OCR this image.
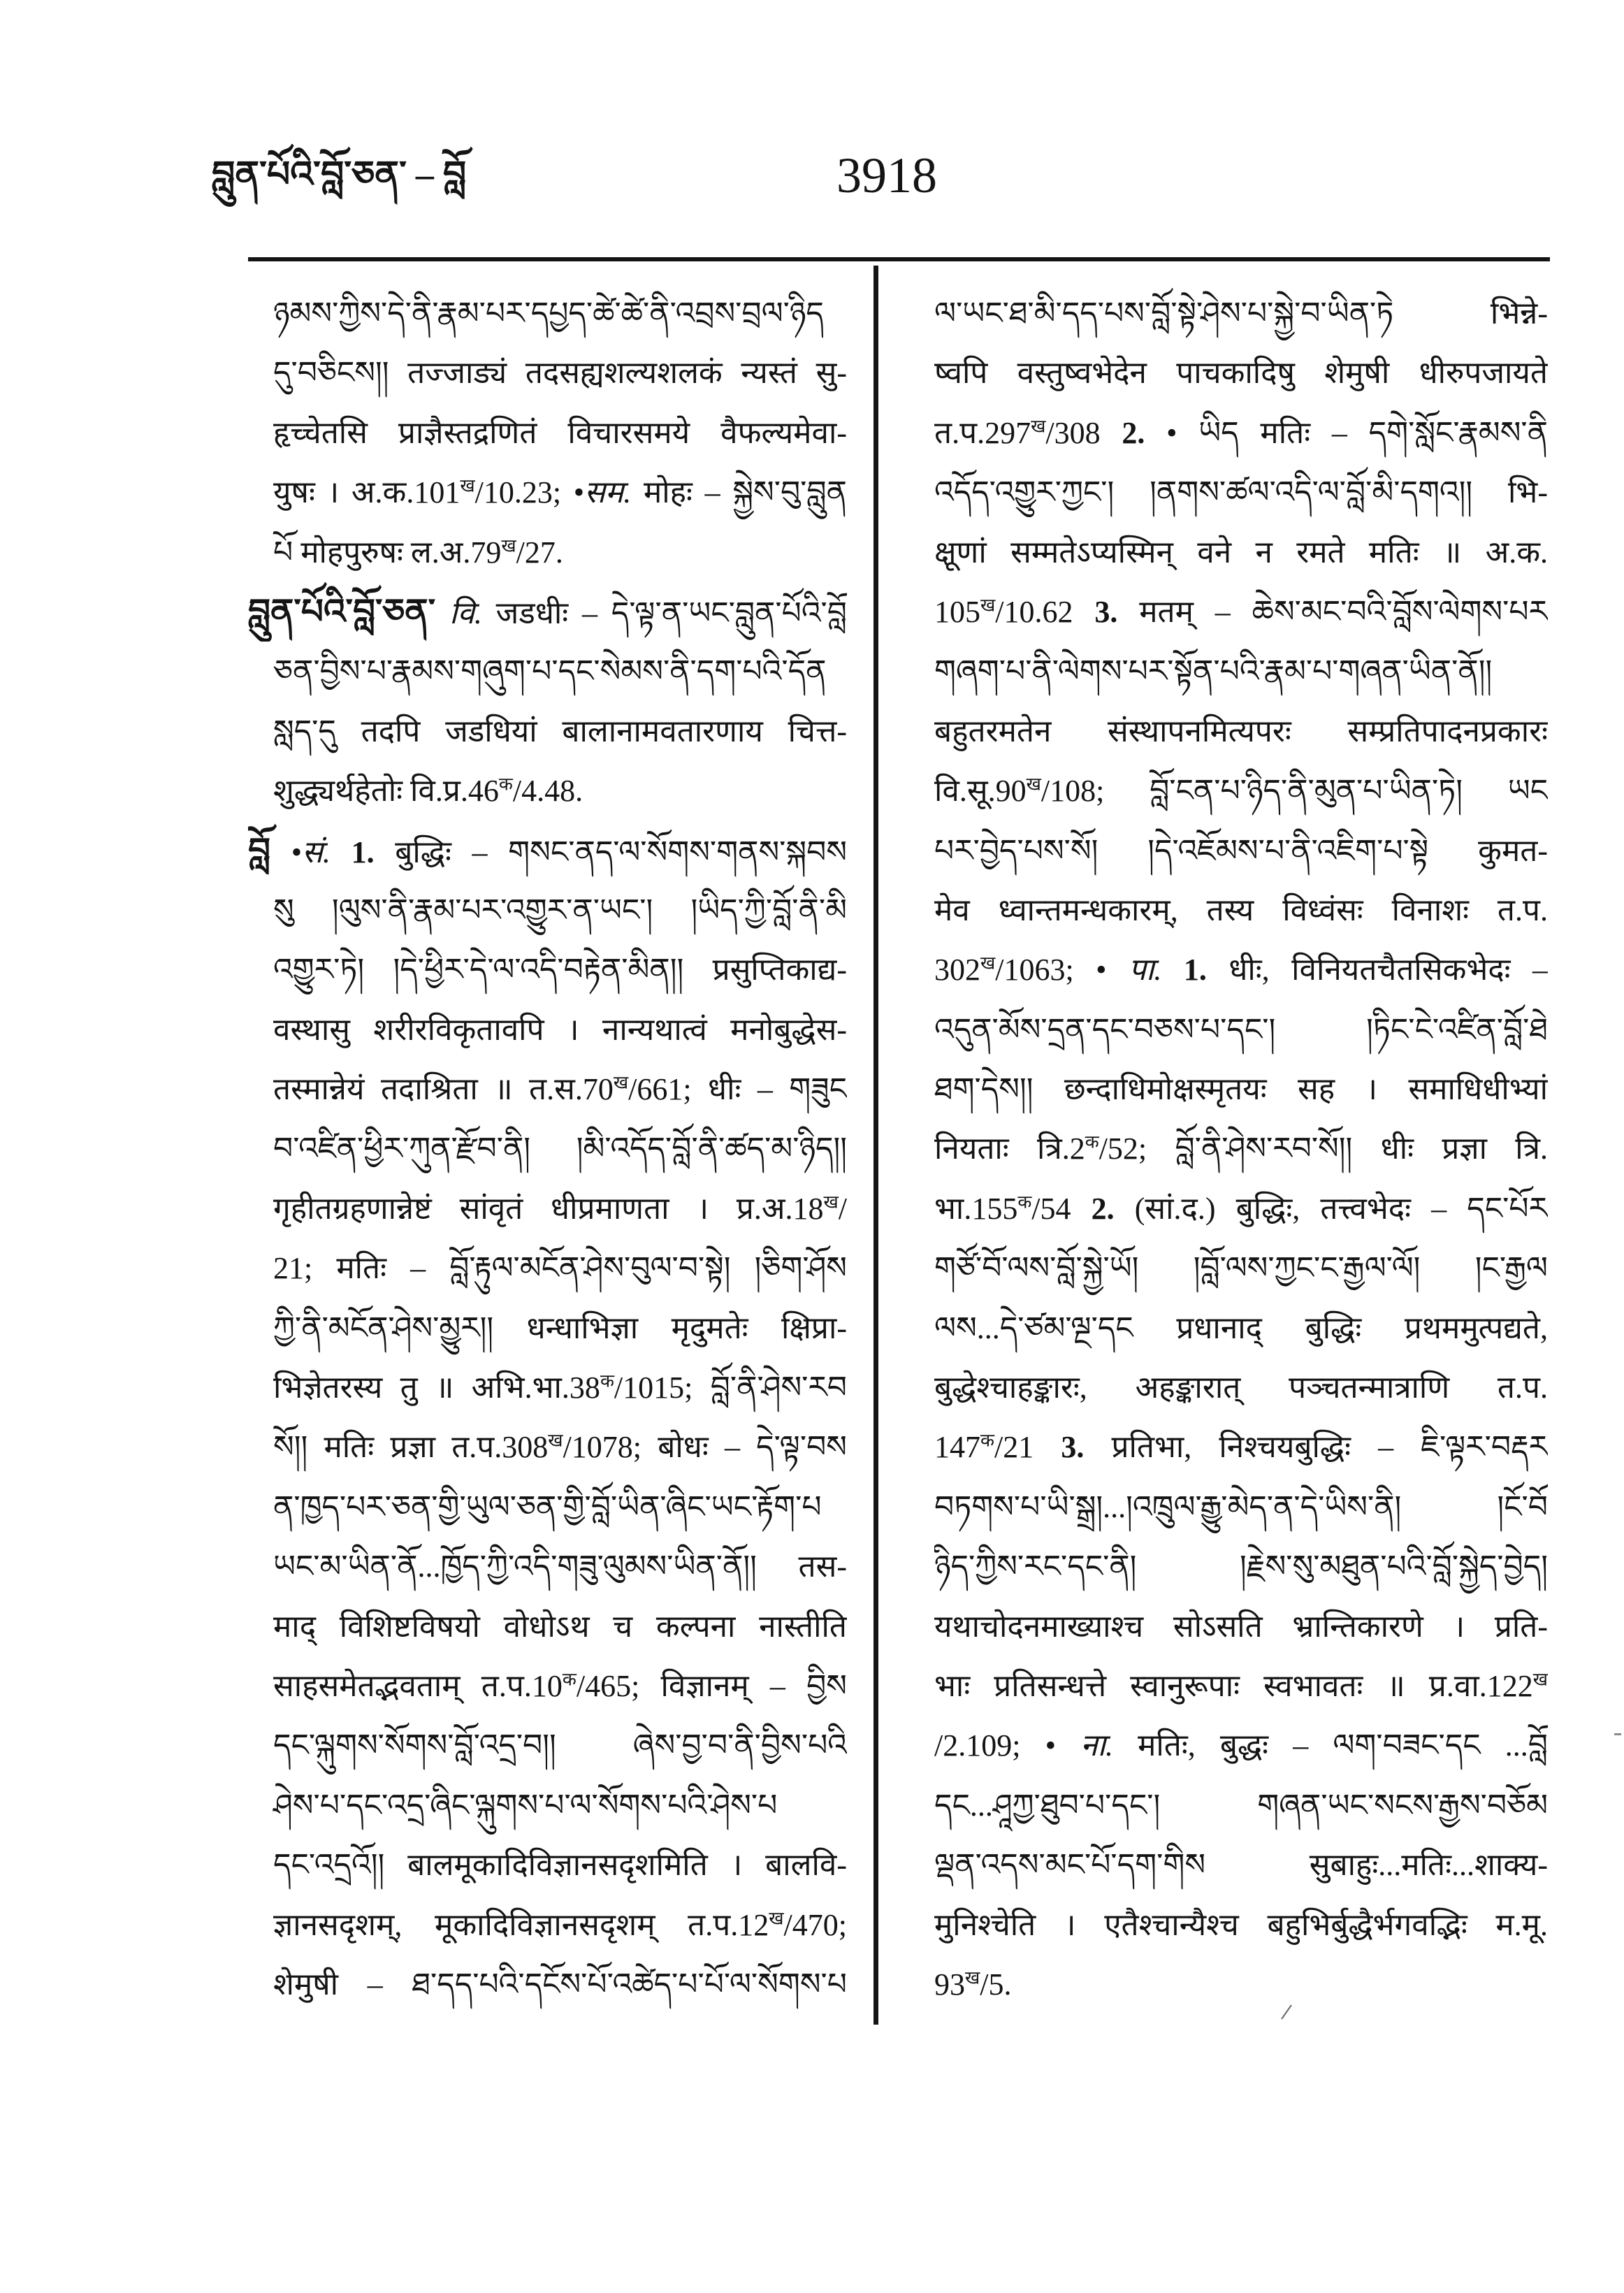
བླུན་པོའི་བློ་ཅན་ – བློ	3918
ཉམས་ཀྱིས་དེ་ནི་རྣམ་པར་དཔྱད་ཚེ་ཚེ་ནི་འབྲས་བྲལ་ཉིད
དུ་བཅིངས།། तज्जाड्यं तदसह्यशल्यशलकं न्यस्तं सु-
हृच्चेतसि प्राज्ञैस्तद्रणितं विचारसमये वैफल्यमेवा-
युषः । $अ.क.101^ख/10.23$; •सम. मोहः – སྐྱེས་བུ་བླུན
པོ मोहपुरुषः $ल.अ.79^ख/27$.
བླུན་པོའི་བློ་ཅན་ वि. जडधीः – དེ་ལྟ་ན་ཡང་བླུན་པོའི་བློ
ཅན་བྱིས་པ་རྣམས་གཞུག་པ་དང་སེམས་ནི་དག་པའི་དོན
སླད་དུ तदपि जडधियां बालानामवतारणाय चित्त-
शुद्ध्यर्थहेतोः $वि.प्र.46^क/4.48$.
བློ •सं. 1. बुद्धिः – གསང་ནད་ལ་སོགས་གནས་སྐབས
སུ །ལུས་ནི་རྣམ་པར་འགྱུར་ན་ཡང་། །ཡིད་ཀྱི་བློ་ནི་མི
འགྱུར་ཏེ། །དེ་ཕྱིར་དེ་ལ་འདི་བརྟེན་མིན།། प्रसुप्तिकाद्य-
वस्थासु शरीरविकृतावपि । नान्यथात्वं मनोबुद्धेस-
तस्मान्नेयं तदाश्रिता ॥ $त.स.70^ख/661$; धीः – གཟུང
བ་འཛིན་ཕྱིར་ཀུན་རྫོབ་ནི། །མི་འདོད་བློ་ནི་ཚད་མ་ཉིད།།
गृहीतग्रहणान्नेष्टं सांवृतं धीप्रमाणता । $प्र.अ.18^ख/$
21; मतिः – བློ་རྟུལ་མངོན་ཤེས་བུལ་བ་སྟེ། །ཅིག་ཤོས
ཀྱི་ནི་མངོན་ཤེས་མྱུར།། धन्धाभिज्ञा मृदुमतेः क्षिप्रा-
भिज्ञेतरस्य तु ॥ $अभि.भा.38^क/1015$; བློ་ནི་ཤེས་རབ
སོ།། मतिः प्रज्ञा $त.प.308^ख/1078$; बोधः – དེ་ལྟ་བས
ན་ཁྱད་པར་ཅན་གྱི་ཡུལ་ཅན་གྱི་བློ་ཡིན་ཞིང་ཡང་རྟོག་པ
ཡང་མ་ཡིན་ནོ...ཁྱོད་ཀྱི་འདི་གཟུ་ལུམས་ཡིན་ནོ།། तस-
माद् विशिष्टविषयो वोधोऽथ च कल्पना नास्तीति
साहसमेतद्भवताम् $त.प.10^क/465$; विज्ञानम् – བྱིས
དང་ལྐུགས་སོགས་བློ་འདྲ་བ།། ཞེས་བྱ་བ་ནི་བྱིས་པའི
ཤེས་པ་དང་འདྲ་ཞིང་ལྐུགས་པ་ལ་སོགས་པའི་ཤེས་པ
དང་འདྲའོ།། बालमूकादिविज्ञानसदृशमिति । बालवि-
ज्ञानसदृशम्, मूकादिविज्ञानसदृशम् $त.प.12^ख/470$;
शेमुषी – ཐ་དད་པའི་དངོས་པོ་འཚེད་པ་པོ་ལ་སོགས་པ
ལ་ཡང་ཐ་མི་དད་པས་བློ་སྟེ་ཤེས་པ་སྐྱེ་བ་ཡིན་ཏེ भिन्ने-
ष्वपि वस्तुष्वभेदेन पाचकादिषु शेमुषी धीरुपजायते
$त.प.297^ख/308$ 2. • ཡིད मतिः – དགེ་སློང་རྣམས་ནི
འདོད་འགྱུར་ཀྱང་། །ནགས་ཚལ་འདི་ལ་བློ་མི་དགའ།། भि-
क्षूणां सम्मतेऽप्यस्मिन् वने न रमते मतिः ॥ अ.क.
$105^ख/10.62$ 3. मतम् – ཆེས་མང་བའི་བློས་ལེགས་པར
གཞག་པ་ནི་ལེགས་པར་སྟོན་པའི་རྣམ་པ་གཞན་ཡིན་ནོ།།
बहुतरमतेन संस्थापनमित्यपरः सम्प्रतिपादनप्रकारः
$वि.सू.90^ख/108$; བློ་ངན་པ་ཉིད་ནི་མུན་པ་ཡིན་ཏེ། ཡང
པར་བྱེད་པས་སོ། །དེ་འཇོམས་པ་ནི་འཇིག་པ་སྟེ कुमत-
मेव ध्वान्तमन्धकारम्, तस्य विध्वंसः विनाशः त.प.
$302^ख/1063$; • पा. 1. धीः, विनियतचैतसिकभेदः –
འདུན་མོས་དྲན་དང་བཅས་པ་དང་། །ཏིང་ངེ་འཛིན་བློ་ཐེ
ཐག་དེས།། छन्दाधिमोक्षस्मृतयः सह । समाधिधीभ्यां
नियताः $त्रि.2^क/52$; བློ་ནི་ཤེས་རབ་སོ།། धीः प्रज्ञा त्रि.
$भा.155^क/54$ 2. (सां.द.) बुद्धिः, तत्त्वभेदः – དང་པོར
གཙོ་བོ་ལས་བློ་སྐྱེ་ཡོ། །བློ་ལས་ཀྱང་ང་རྒྱལ་ལོ། །ང་རྒྱལ
ལས...དེ་ཙམ་ལྔ་དང प्रधानाद् बुद्धिः प्रथममुत्पद्यते,
बुद्धेश्चाहङ्कारः, अहङ्कारात् पञ्चतन्मात्राणि त.प.
$147^क/21$ 3. प्रतिभा, निश्चयबुद्धिः – ཇི་ལྟར་བརྡར
བཏགས་པ་ཡི་སྒྲ།...།འཁྲུལ་རྒྱུ་མེད་ན་དེ་ཡིས་ནི། །ངོ་བོ
ཉིད་ཀྱིས་རང་དང་ནི། །རྗེས་སུ་མཐུན་པའི་བློ་སྐྱེད་བྱེད།
यथाचोदनमाख्याश्च सोऽसति भ्रान्तिकारणे । प्रति-
भाः प्रतिसन्धत्ते स्वानुरूपाः स्वभावतः ॥ $प्र.वा.122^ख$
/2.109; • ना. मतिः, बुद्धः – ལག་བཟང་དང ...བློ
དང...ཤཱཀྱ་ཐུབ་པ་དང་། གཞན་ཡང་སངས་རྒྱས་བཅོམ
ལྡན་འདས་མང་པོ་དག་གིས सुबाहुः...मतिः...शाक्य-
मुनिश्चेति । एतैश्चान्यैश्च बहुभिर्बुद्धैर्भगवद्भिः म.मू.
$93^ख/5$.
